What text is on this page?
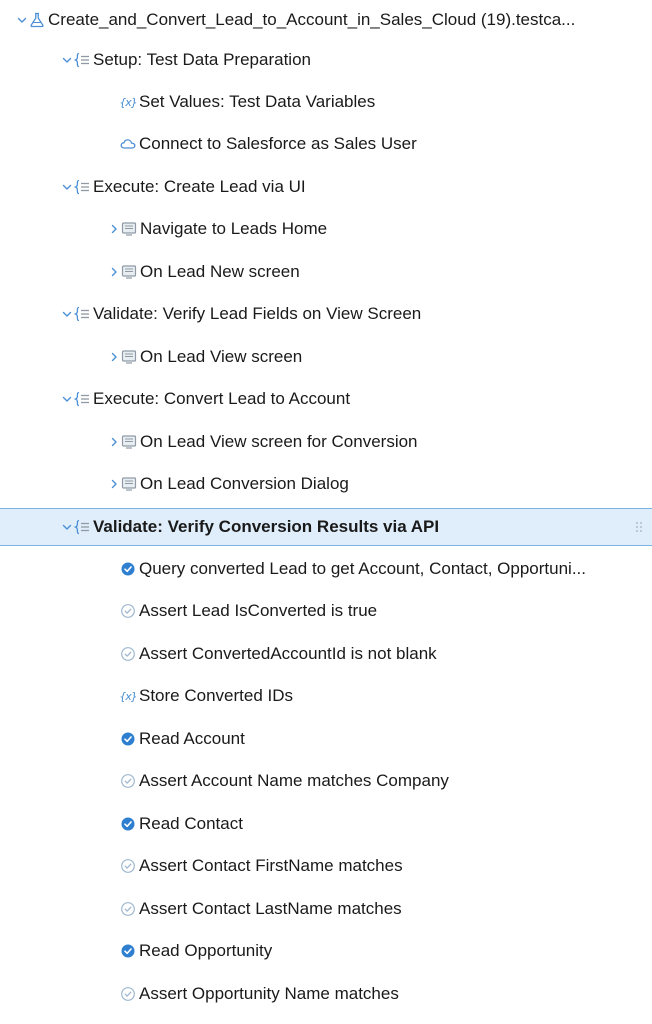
Create_and_Convert_Lead_to_Account_in_Sales_Cloud (19).testca...
Setup: Test Data Preparation
{x} Set Values: Test Data Variables
Connect to Salesforce as Sales User
Execute: Create Lead via UI
Navigate to Leads Home
On Lead New screen
Validate: Verify Lead Fields on View Screen
On Lead View screen
Execute: Convert Lead to Account
On Lead View screen for Conversion
On Lead Conversion Dialog
Validate: Verify Conversion Results via API
Query converted Lead to get Account, Contact, Opportuni...
Assert Lead IsConverted is true
Assert ConvertedAccountId is not blank
{x} Store Converted IDs
Read Account
Assert Account Name matches Company
Read Contact
Assert Contact FirstName matches
Assert Contact LastName matches
Read Opportunity
Assert Opportunity Name matches
